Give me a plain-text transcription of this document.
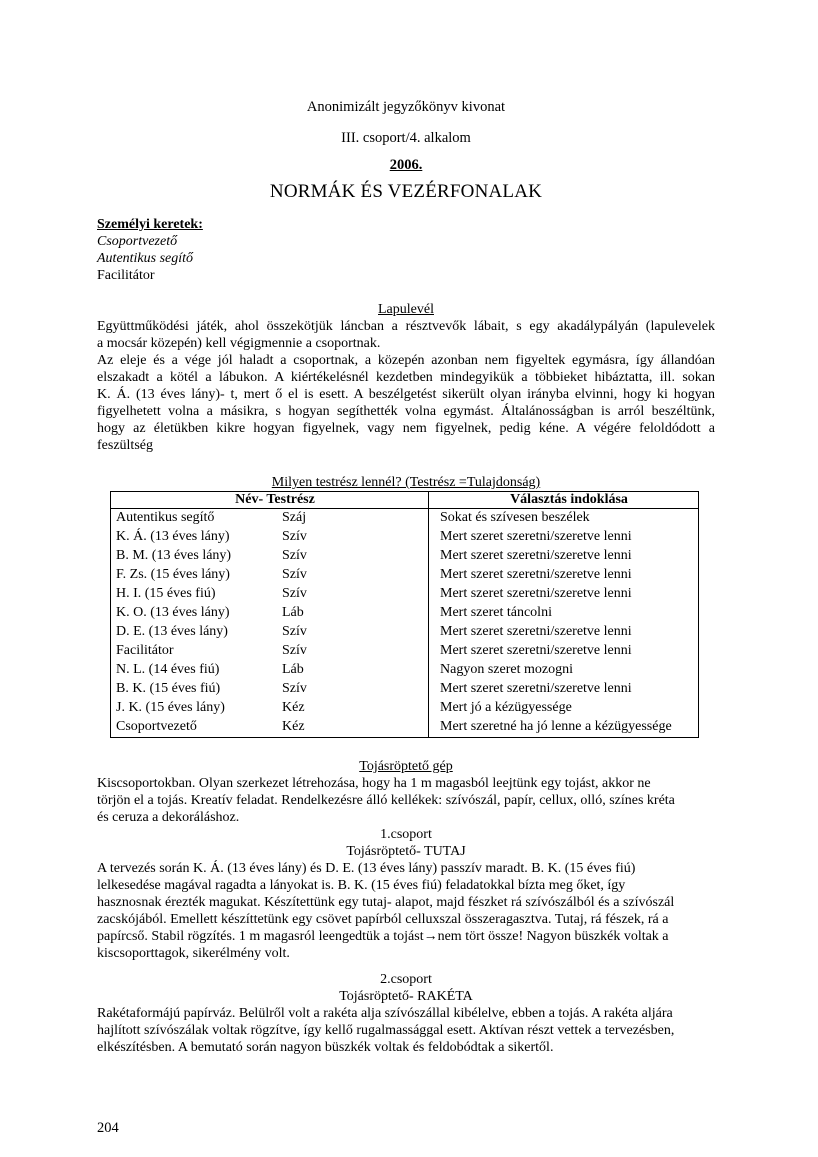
Anonimizált jegyzőkönyv kivonat
III. csoport/4. alkalom
2006.
NORMÁK ÉS VEZÉRFONALAK
Személyi keretek:
Csoportvezető
Autentikus segítő
Facilitátor
Lapulevél
Együttműködési játék, ahol összekötjük láncban a résztvevők lábait, s egy akadálypályán (lapulevelek
a mocsár közepén) kell végigmennie a csoportnak.
Az eleje és a vége jól haladt a csoportnak, a közepén azonban nem figyeltek egymásra, így állandóan
elszakadt a kötél a lábukon. A kiértékelésnél kezdetben mindegyikük a többieket hibáztatta, ill. sokan
K. Á. (13 éves lány)- t, mert ő el is esett. A beszélgetést sikerült olyan irányba elvinni, hogy ki hogyan
figyelhetett volna a másikra, s hogyan segíthették volna egymást. Általánosságban is arról beszéltünk,
hogy az életükben kikre hogyan figyelnek, vagy nem figyelnek, pedig kéne. A végére feloldódott a
feszültség
Milyen testrész lennél? (Testrész =Tulajdonság)
Név- Testrész		Választás indoklása
Autentikus segítő	Száj	Sokat és szívesen beszélek
K. Á. (13 éves lány)	Szív	Mert szeret szeretni/szeretve lenni
B. M. (13 éves lány)	Szív	Mert szeret szeretni/szeretve lenni
F. Zs. (15 éves lány)	Szív	Mert szeret szeretni/szeretve lenni
H. I. (15 éves fiú)	Szív	Mert szeret szeretni/szeretve lenni
K. O. (13 éves lány)	Láb	Mert szeret táncolni
D. E. (13 éves lány)	Szív	Mert szeret szeretni/szeretve lenni
Facilitátor	Szív	Mert szeret szeretni/szeretve lenni
N. L. (14 éves fiú)	Láb	Nagyon szeret mozogni
B. K. (15 éves fiú)	Szív	Mert szeret szeretni/szeretve lenni
J. K. (15 éves lány)	Kéz	Mert jó a kézügyessége
Csoportvezető	Kéz	Mert szeretné ha jó lenne a kézügyessége

Tojásröptető gép
Kiscsoportokban. Olyan szerkezet létrehozása, hogy ha 1 m magasból leejtünk egy tojást, akkor ne
törjön el a tojás. Kreatív feladat. Rendelkezésre álló kellékek: szívószál, papír, cellux, olló, színes kréta
és ceruza a dekoráláshoz.
1.csoport
Tojásröptető- TUTAJ
A tervezés során K. Á. (13 éves lány) és D. E. (13 éves lány) passzív maradt. B. K. (15 éves fiú)
lelkesedése magával ragadta a lányokat is. B. K. (15 éves fiú) feladatokkal bízta meg őket, így
hasznosnak érezték magukat. Készítettünk egy tutaj- alapot, majd fészket rá szívószálból és a szívószál
zacskójából. Emellett készíttetünk egy csövet papírból celluxszal összeragasztva. Tutaj, rá fészek, rá a
papírcső. Stabil rögzítés. 1 m magasról leengedtük a tojást→nem tört össze! Nagyon büszkék voltak a
kiscsoporttagok, sikerélmény volt.
2.csoport
Tojásröptető- RAKÉTA
Rakétaformájú papírváz. Belülről volt a rakéta alja szívószállal kibélelve, ebben a tojás. A rakéta aljára
hajlított szívószálak voltak rögzítve, így kellő rugalmassággal esett. Aktívan részt vettek a tervezésben,
elkészítésben. A bemutató során nagyon büszkék voltak és feldobódtak a sikertől.
204
